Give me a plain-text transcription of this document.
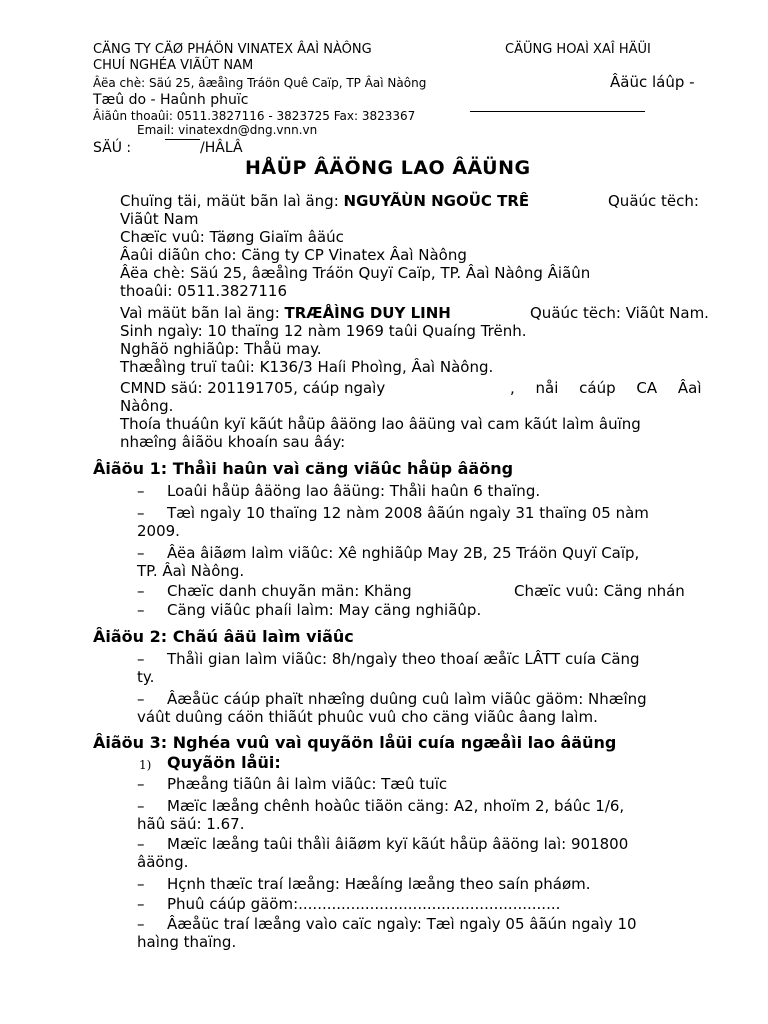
CÄNG TY CÄØ PHÁÖN VINATEX ÂAÌ NÀÔNG	CÄÜNG HOAÌ XAÎ HÄÜI
CHUÍ NGHÉA VIÃÛT NAM
Âëa chè: Säú 25, âæåìng Tráön Quê Caïp, TP Âaì Nàông	Âäüc láûp -
Tæû do - Haûnh phuïc
Âiãûn thoaûi: 0511.3827116 - 3823725 Fax: 3823367
Email: vinatexdn@dng.vnn.vn
SÄÚ :	/HÂLÂ
HÅÜP ÂÄÖNG LAO ÂÄÜNG
Chuïng täi, mäüt bãn laì äng: NGUYÃÙN NGOÜC TRÊ	Quäúc tëch:
Viãût Nam
Chæïc vuû: Täøng Giaïm âäúc
Âaûi diãûn cho: Cäng ty CP Vinatex Âaì Nàông
Âëa chè: Säú 25, âæåìng Tráön Quyï Caïp, TP. Âaì Nàông Âiãûn
thoaûi: 0511.3827116
Vaì mäüt bãn laì äng: TRÆÅÌNG DUY LINH	Quäúc tëch: Viãût Nam.
Sinh ngaìy: 10 thaïng 12 nàm 1969 taûi Quaíng Trënh.
Nghãö nghiãûp: Thåü may.
Thæåìng truï taûi: K136/3 Haíi Phoìng, Âaì Nàông.
CMND säú: 201191705, cáúp ngaìy	, nåi cáúp CA Âaì
Nàông.
Thoía thuáûn kyï kãút håüp âäöng lao âäüng vaì cam kãút laìm âuïng
nhæîng âiãöu khoaín sau âáy:
Âiãöu 1: Thåìi haûn vaì cäng viãûc håüp âäöng
– Loaûi håüp âäöng lao âäüng: Thåìi haûn 6 thaïng.
– Tæì ngaìy 10 thaïng 12 nàm 2008 âãún ngaìy 31 thaïng 05 nàm
2009.
– Âëa âiãøm laìm viãûc: Xê nghiãûp May 2B, 25 Tráön Quyï Caïp,
TP. Âaì Nàông.
– Chæïc danh chuyãn män: Khäng	Chæïc vuû: Cäng nhán
– Cäng viãûc phaíi laìm: May cäng nghiãûp.
Âiãöu 2: Chãú âäü laìm viãûc
– Thåìi gian laìm viãûc: 8h/ngaìy theo thoaí æåïc LÂTT cuía Cäng
ty.
– Âæåüc cáúp phaït nhæîng duûng cuû laìm viãûc gäöm: Nhæîng
váût duûng cáön thiãút phuûc vuû cho cäng viãûc âang laìm.
Âiãöu 3: Nghéa vuû vaì quyãön låüi cuía ngæåìi lao âäüng
1) Quyãön låüi:
– Phæång tiãûn âi laìm viãûc: Tæû tuïc
– Mæïc læång chênh hoàûc tiãön cäng: A2, nhoïm 2, báûc 1/6,
hãû säú: 1.67.
– Mæïc læång taûi thåìi âiãøm kyï kãút håüp âäöng laì: 901800
âäöng.
– Hçnh thæïc traí læång: Hæåíng læång theo saín pháøm.
– Phuû cáúp gäöm:.......................................................
– Âæåüc traí læång vaìo caïc ngaìy: Tæì ngaìy 05 âãún ngaìy 10
haìng thaïng.
